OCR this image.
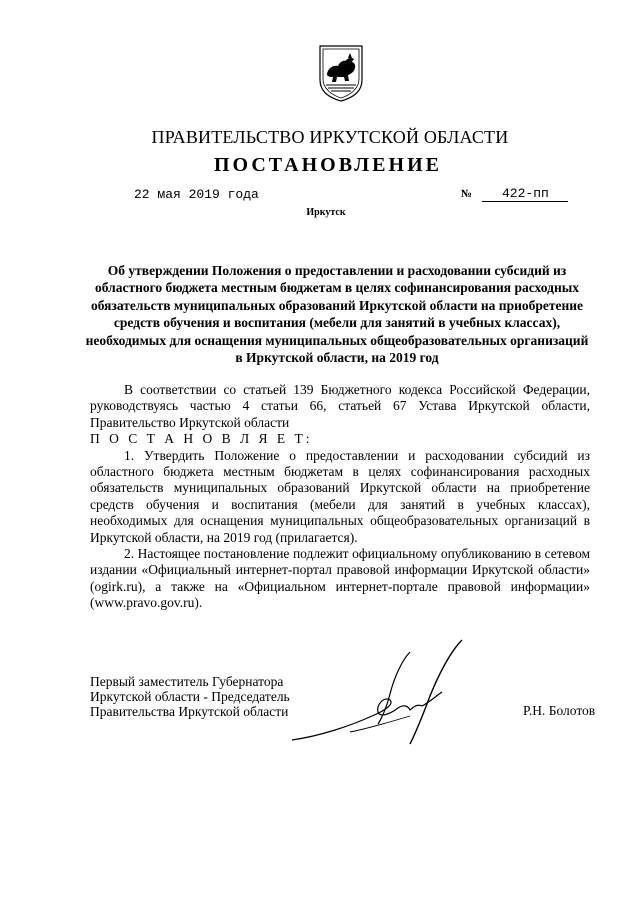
ПРАВИТЕЛЬСТВО ИРКУТСКОЙ ОБЛАСТИ
ПОСТАНОВЛЕНИЕ
22 мая 2019 года	№ 422-пп
Иркутск
Об утверждении Положения о предоставлении и расходовании субсидий из областного бюджета местным бюджетам в целях софинансирования расходных обязательств муниципальных образований Иркутской области на приобретение средств обучения и воспитания (мебели для занятий в учебных классах), необходимых для оснащения муниципальных общеобразовательных организаций в Иркутской области, на 2019 год

В соответствии со статьей 139 Бюджетного кодекса Российской Федерации, руководствуясь частью 4 статьи 66, статьей 67 Устава Иркутской области, Правительство Иркутской области

П О С Т А Н О В Л Я Е Т:

1. Утвердить Положение о предоставлении и расходовании субсидий из областного бюджета местным бюджетам в целях софинансирования расходных обязательств муниципальных образований Иркутской области на приобретение средств обучения и воспитания (мебели для занятий в учебных классах), необходимых для оснащения муниципальных общеобразовательных организаций в Иркутской области, на 2019 год (прилагается).

2. Настоящее постановление подлежит официальному опубликованию в сетевом издании «Официальный интернет-портал правовой информации Иркутской области» (ogirk.ru), а также на «Официальном интернет-портале правовой информации» (www.pravo.gov.ru).

Первый заместитель Губернатора
Иркутской области - Председатель
Правительства Иркутской области	Р.Н. Болотов
